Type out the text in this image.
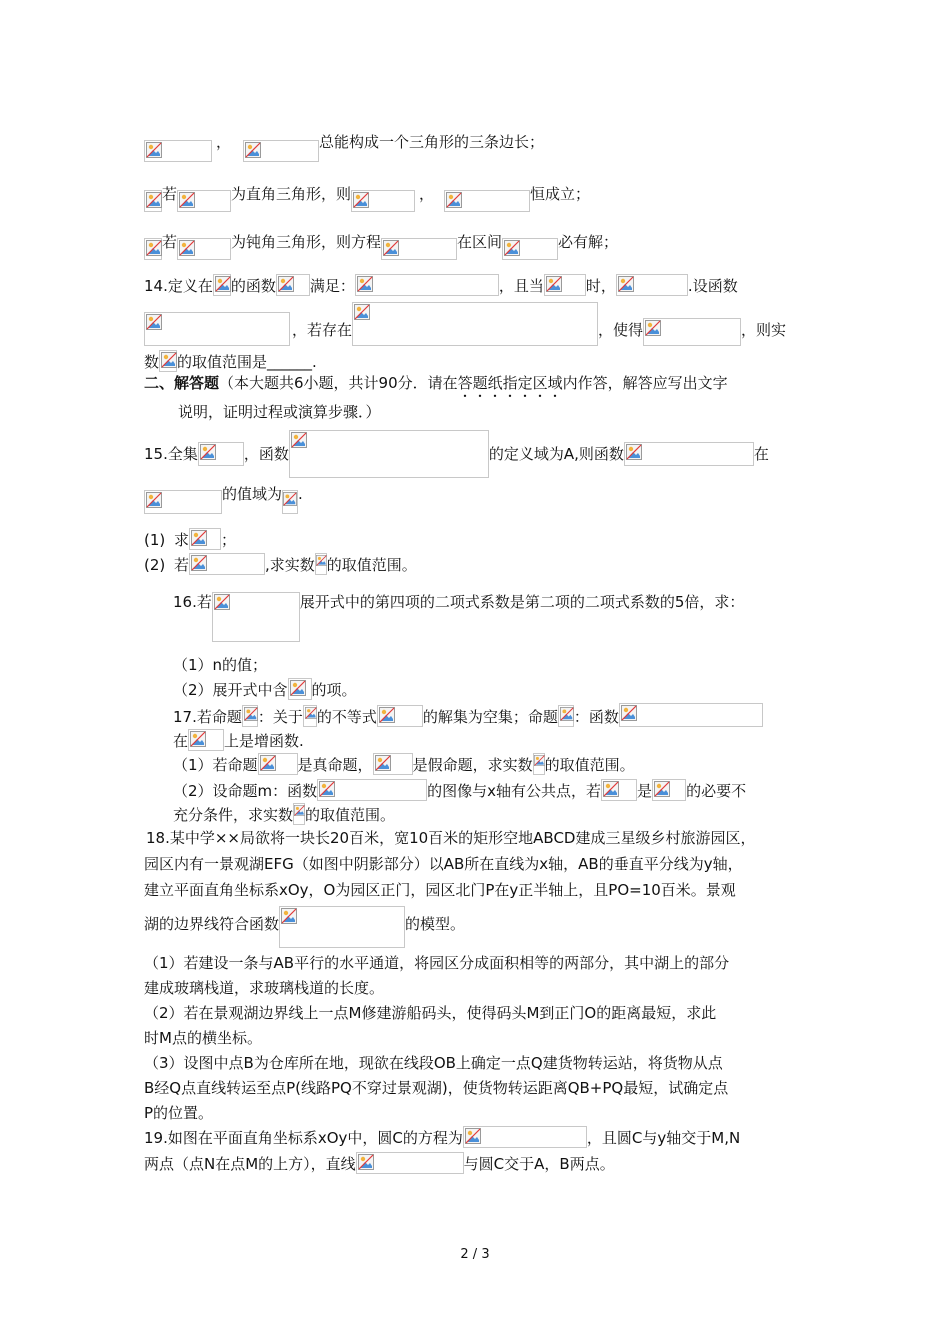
，	总能构成一个三角形的三条边长；
若	为直角三角形，则	，	恒成立；
若	为钝角三角形，则方程	在区间	必有解；
14.定义在 的函数 满足：	，且当	时，	.设函数
，若存在	，使得	，则实
数 的取值范围是______.
二、解答题（本大题共6小题，共计90分．请在答题纸指定区域内作答，解答应写出文字
说明，证明过程或演算步骤．）
15.全集	，函数	的定义域为A,则函数	在
的值域为 .
(1) 求 ；
(2) 若	,求实数 的取值范围。
16.若	展开式中的第四项的二项式系数是第二项的二项式系数的5倍，求：
（1）n的值；
（2）展开式中含 的项。
17.若命题 ：关于 的不等式	的解集为空集；命题 ：函数
在 上是增函数.
（1）若命题	是真命题，	是假命题，求实数 的取值范围。
（2）设命题m：函数	的图像与x轴有公共点，若 是 的必要不
充分条件，求实数 的取值范围。
18.某中学××局欲将一块长20百米，宽10百米的矩形空地ABCD建成三星级乡村旅游园区，
园区内有一景观湖EFG（如图中阴影部分）以AB所在直线为x轴，AB的垂直平分线为y轴，
建立平面直角坐标系xOy，O为园区正门，园区北门P在y正半轴上，且PO=10百米。景观
湖的边界线符合函数	的模型。
（1）若建设一条与AB平行的水平通道，将园区分成面积相等的两部分，其中湖上的部分
建成玻璃栈道，求玻璃栈道的长度。
（2）若在景观湖边界线上一点M修建游船码头，使得码头M到正门O的距离最短，求此
时M点的横坐标。
（3）设图中点B为仓库所在地，现欲在线段OB上确定一点Q建货物转运站，将货物从点
B经Q点直线转运至点P(线路PQ不穿过景观湖)，使货物转运距离QB+PQ最短，试确定点
P的位置。
19.如图在平面直角坐标系xOy中，圆C的方程为	，且圆C与y轴交于M,N
两点（点N在点M的上方），直线	与圆C交于A，B两点。
2 / 3
